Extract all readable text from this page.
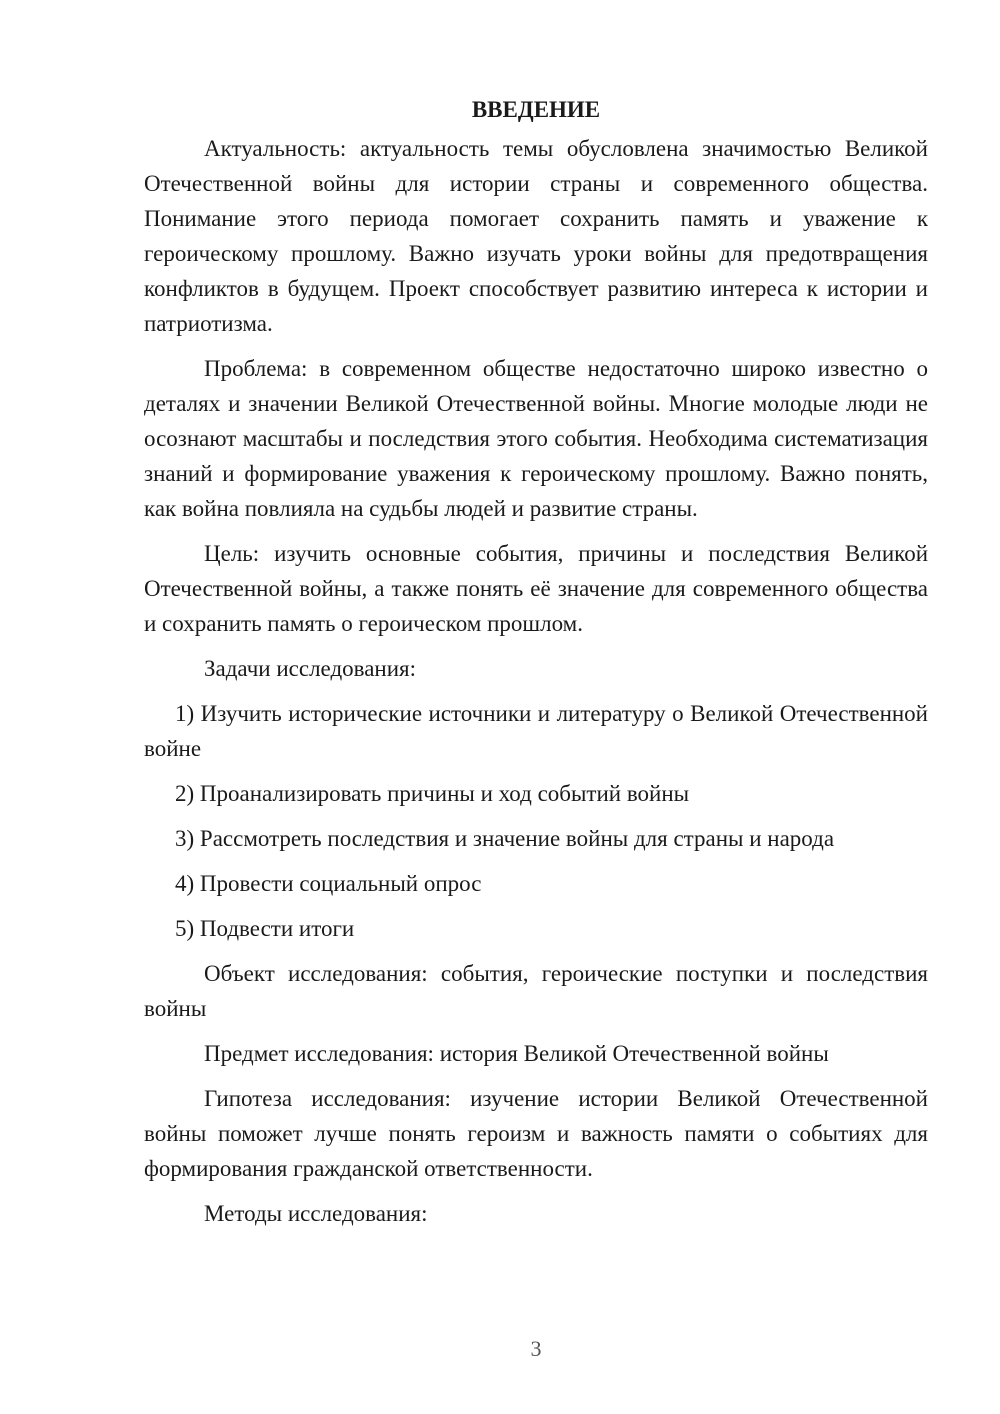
ВВЕДЕНИЕ

Актуальность: актуальность темы обусловлена значимостью Великой Отечественной войны для истории страны и современного общества. Понимание этого периода помогает сохранить память и уважение к героическому прошлому. Важно изучать уроки войны для предотвращения конфликтов в будущем. Проект способствует развитию интереса к истории и патриотизма.

Проблема: в современном обществе недостаточно широко известно о деталях и значении Великой Отечественной войны. Многие молодые люди не осознают масштабы и последствия этого события. Необходима систематизация знаний и формирование уважения к героическому прошлому. Важно понять, как война повлияла на судьбы людей и развитие страны.

Цель: изучить основные события, причины и последствия Великой Отечественной войны, а также понять её значение для современного общества и сохранить память о героическом прошлом.

Задачи исследования:

1) Изучить исторические источники и литературу о Великой Отечественной войне

2) Проанализировать причины и ход событий войны

3) Рассмотреть последствия и значение войны для страны и народа

4) Провести социальный опрос

5) Подвести итоги

Объект исследования: события, героические поступки и последствия войны

Предмет исследования: история Великой Отечественной войны

Гипотеза исследования: изучение истории Великой Отечественной войны поможет лучше понять героизм и важность памяти о событиях для формирования гражданской ответственности.

Методы исследования:

3
